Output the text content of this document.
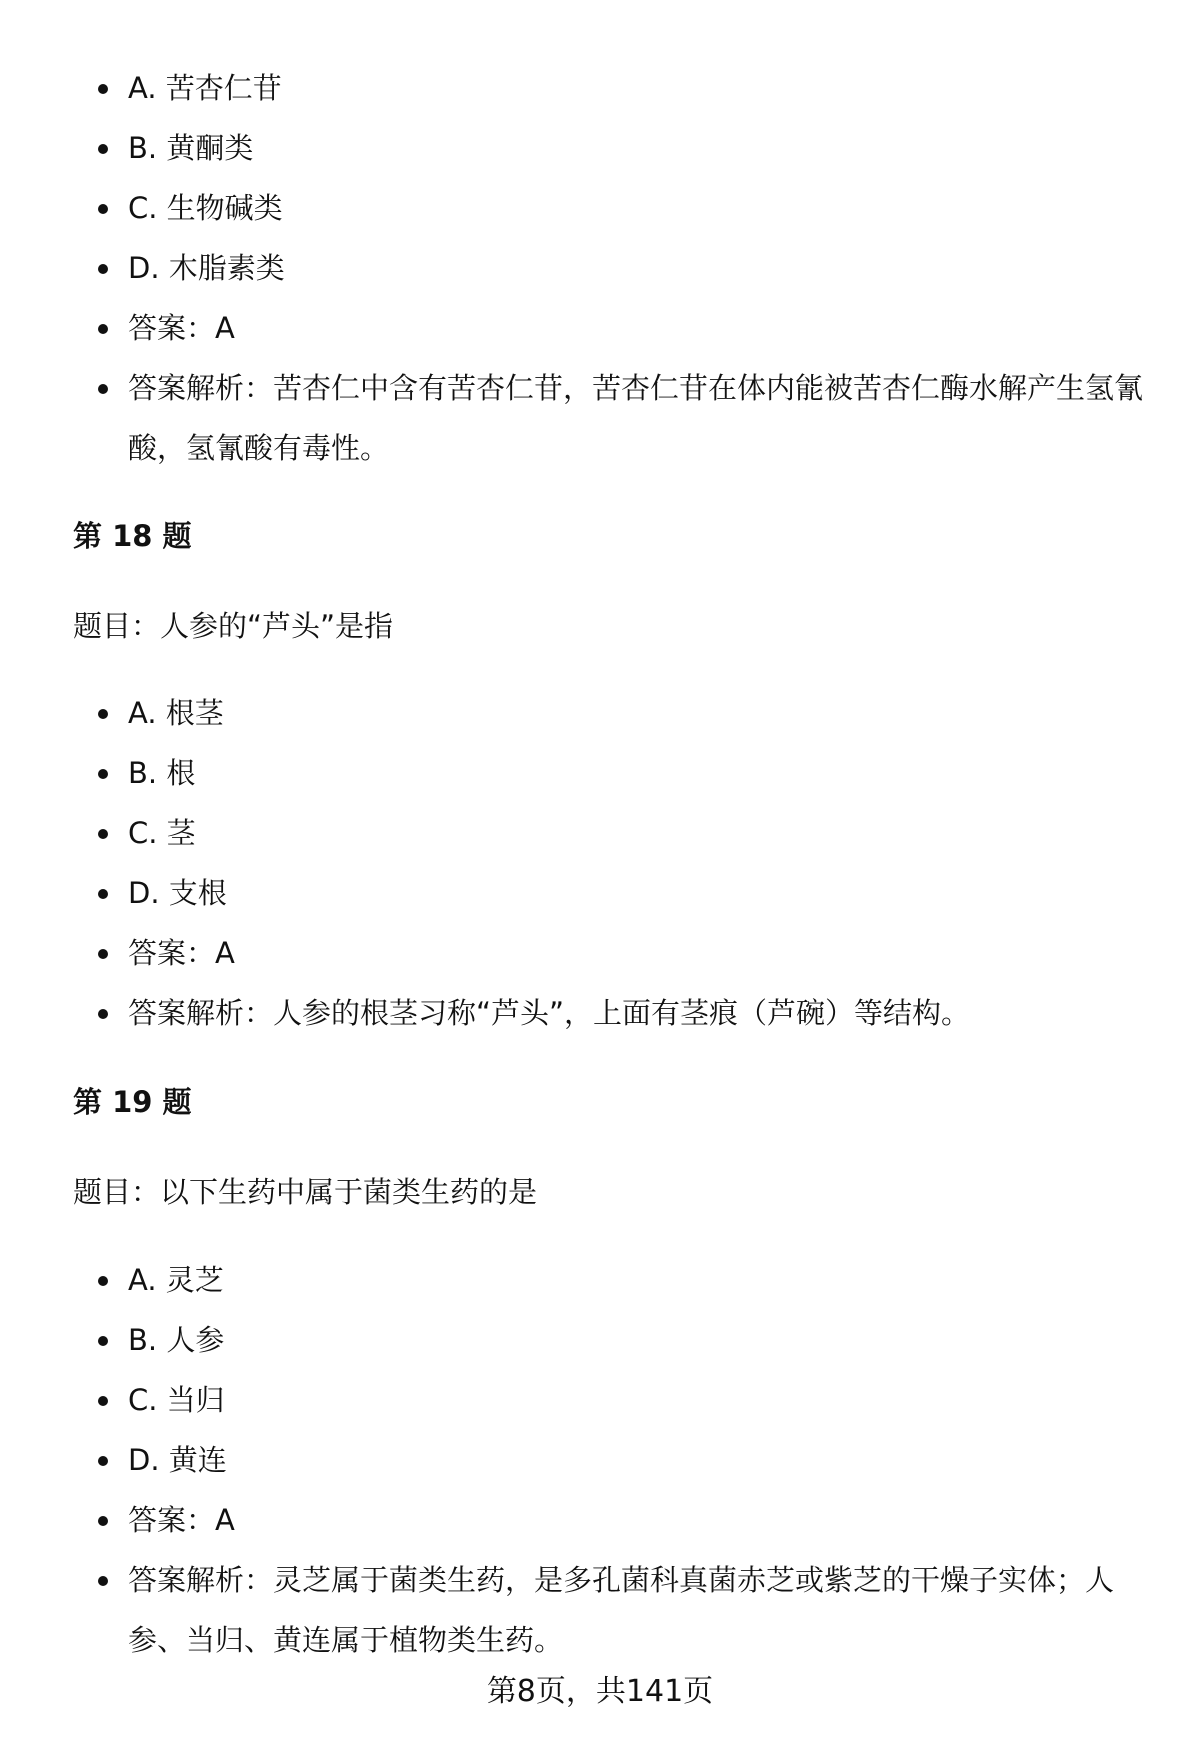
A. 苦杏仁苷
B. 黄酮类
C. 生物碱类
D. 木脂素类
答案：A
答案解析：苦杏仁中含有苦杏仁苷，苦杏仁苷在体内能被苦杏仁酶水解产生氢氰酸，氢氰酸有毒性。
第 18 题
题目：人参的“芦头”是指
A. 根茎
B. 根
C. 茎
D. 支根
答案：A
答案解析：人参的根茎习称“芦头”，上面有茎痕（芦碗）等结构。
第 19 题
题目：以下生药中属于菌类生药的是
A. 灵芝
B. 人参
C. 当归
D. 黄连
答案：A
答案解析：灵芝属于菌类生药，是多孔菌科真菌赤芝或紫芝的干燥子实体；人参、当归、黄连属于植物类生药。
第8页，共141页
